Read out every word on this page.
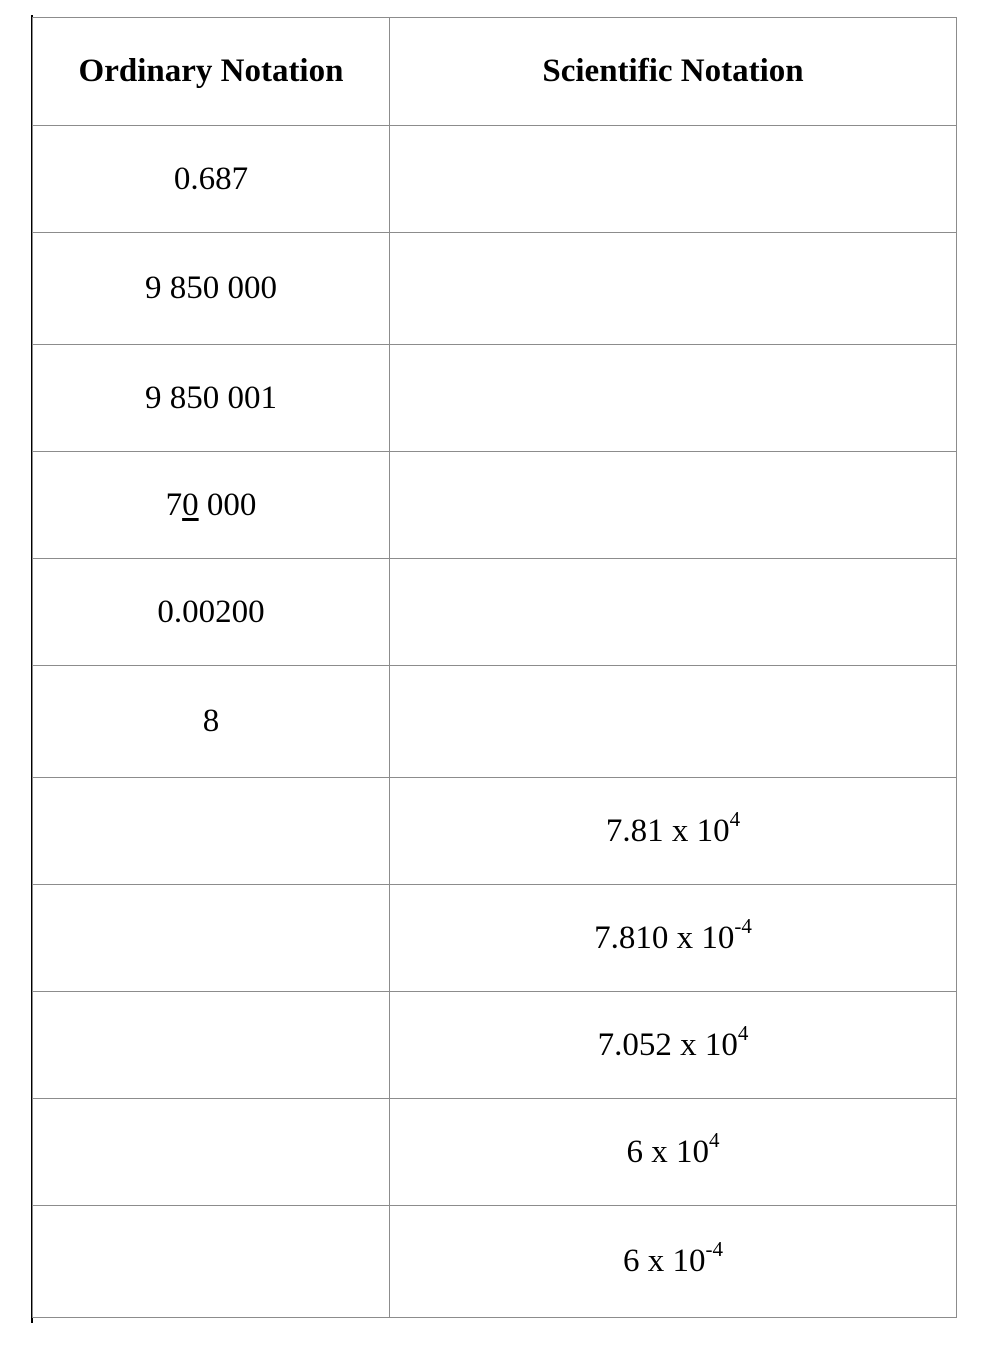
Ordinary Notation	Scientific Notation
0.687	
9 850 000	
9 850 001	
70 000	
0.00200	
8	
	7.81 x $10^4$
	7.810 x $10^{-4}$
	7.052 x $10^4$
	6 x $10^4$
	6 x $10^{-4}$
